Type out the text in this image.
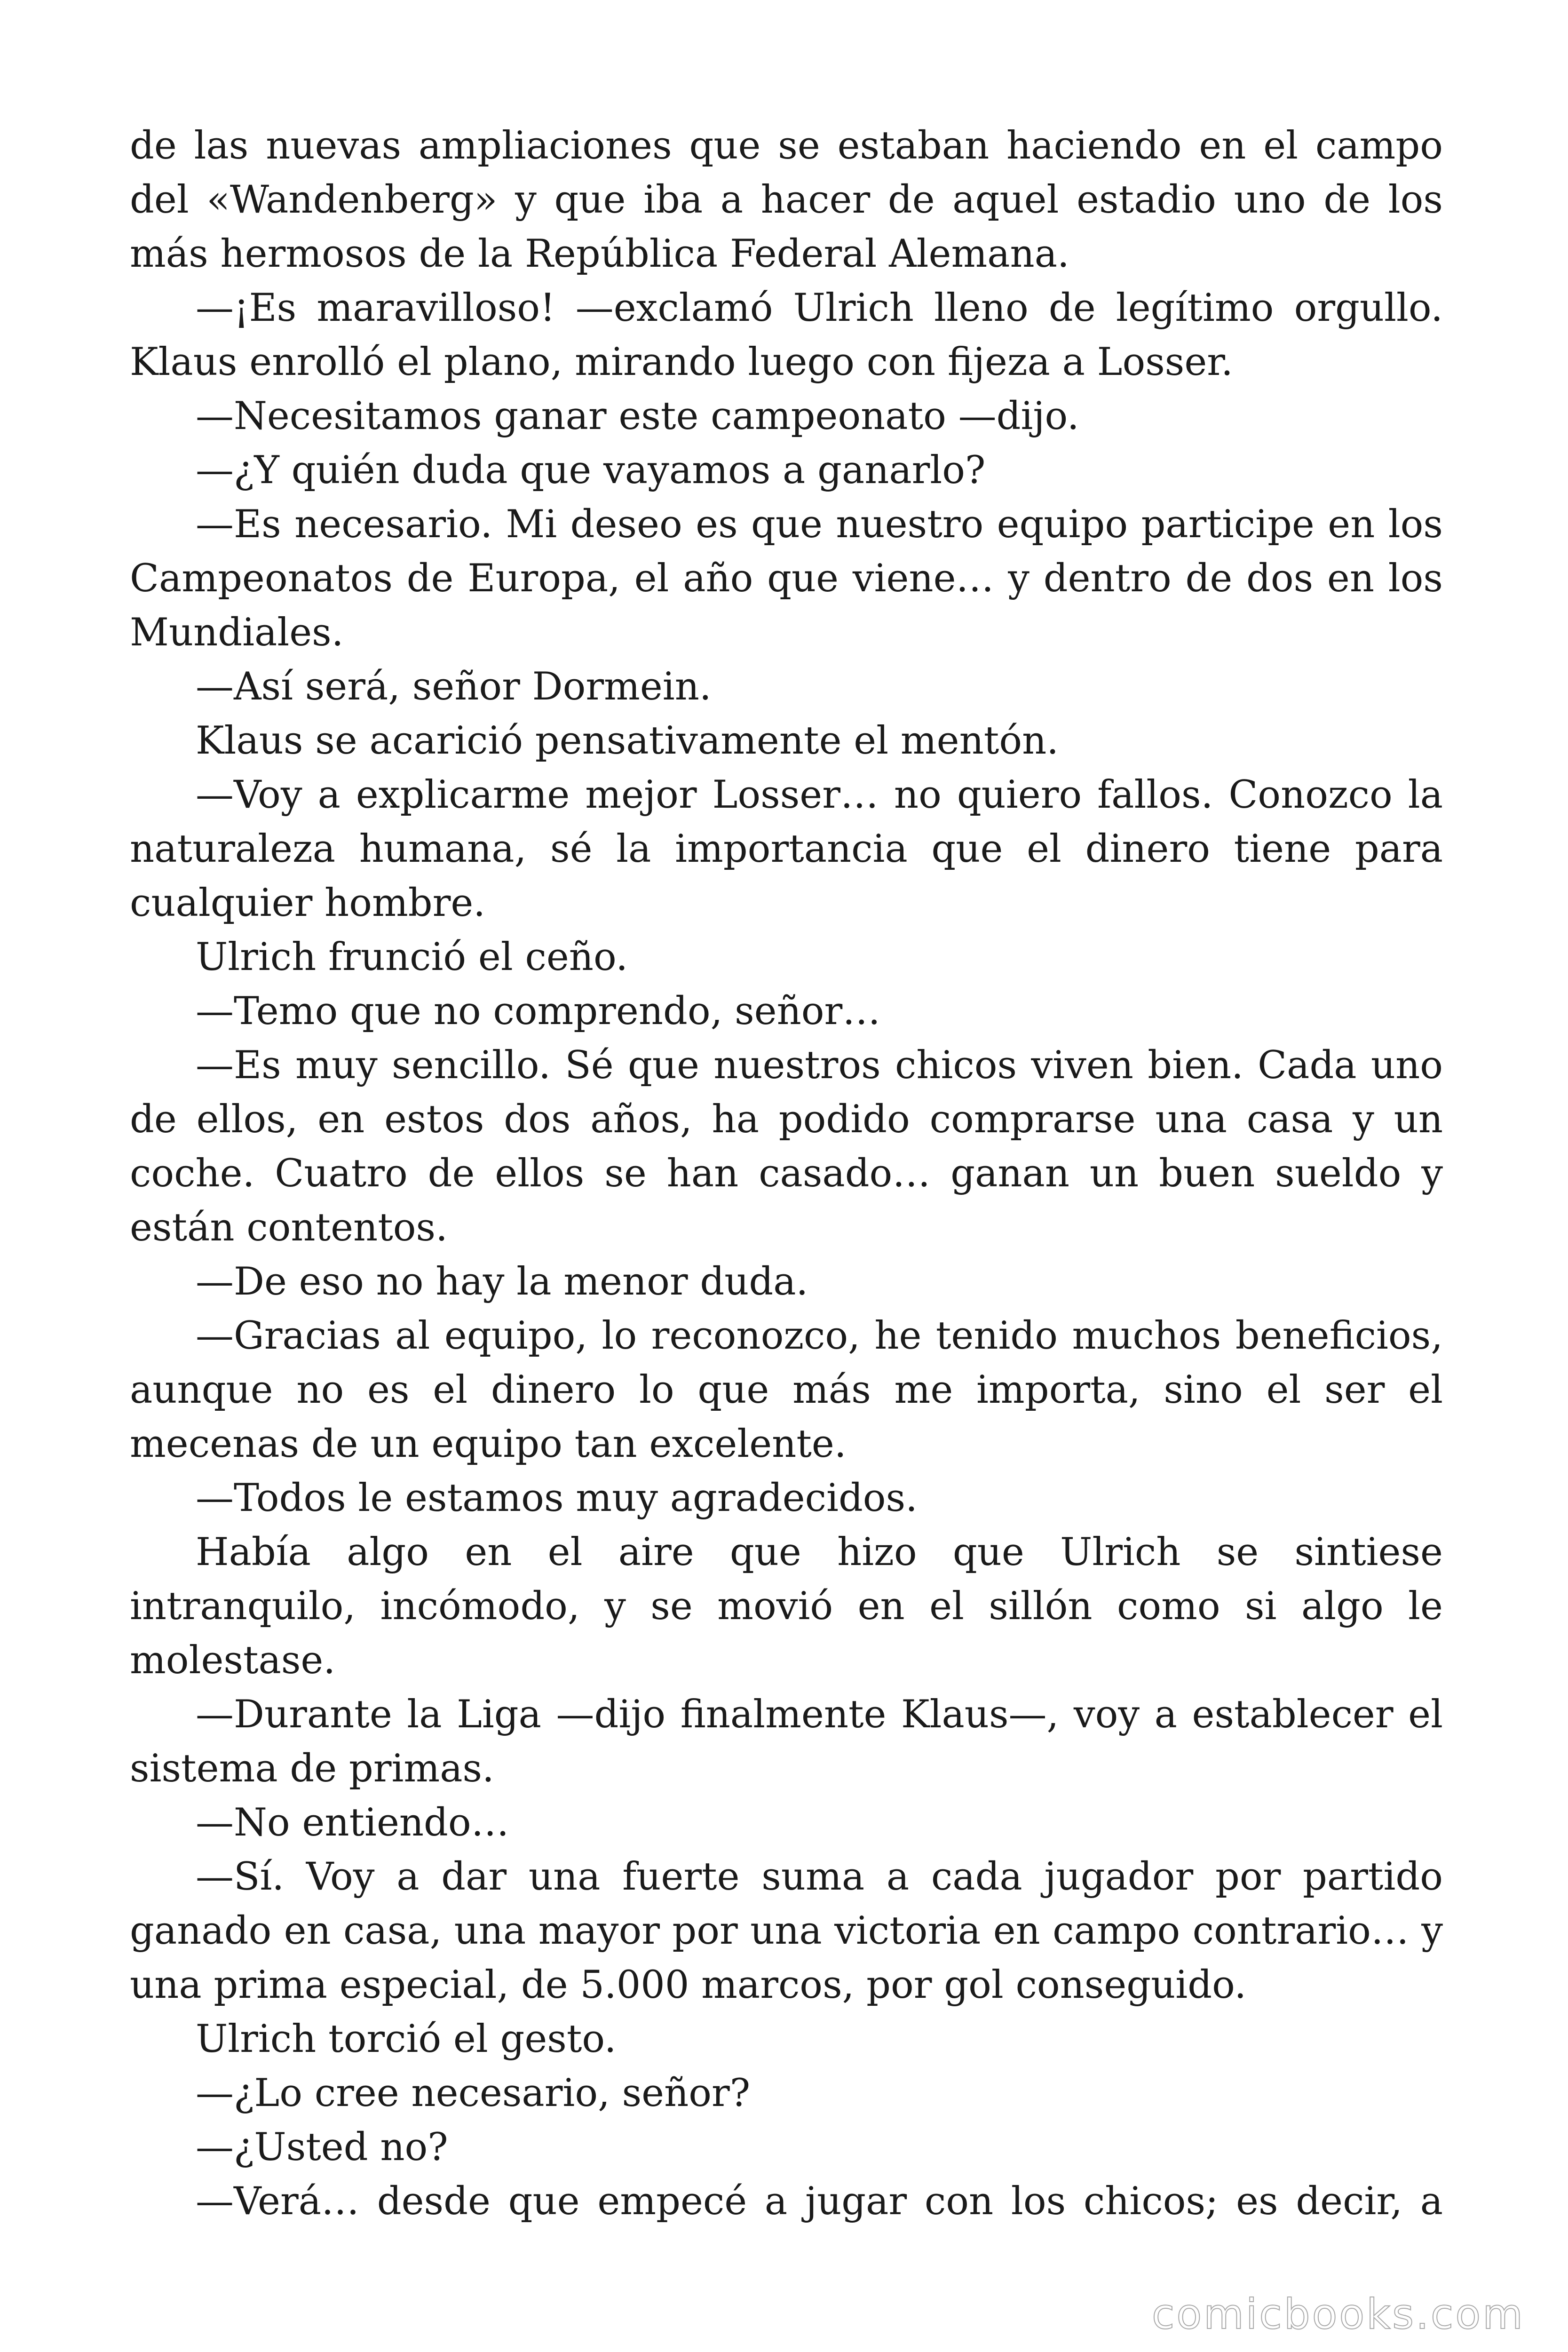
de las nuevas ampliaciones que se estaban haciendo en el campo del «Wandenberg» y que iba a hacer de aquel estadio uno de los más hermosos de la República Federal Alemana.

—¡Es maravilloso! —exclamó Ulrich lleno de legítimo orgullo. Klaus enrolló el plano, mirando luego con fijeza a Losser.

—Necesitamos ganar este campeonato —dijo.

—¿Y quién duda que vayamos a ganarlo?

—Es necesario. Mi deseo es que nuestro equipo participe en los Campeonatos de Europa, el año que viene… y dentro de dos en los Mundiales.

—Así será, señor Dormein.

Klaus se acarició pensativamente el mentón.

—Voy a explicarme mejor Losser… no quiero fallos. Conozco la naturaleza humana, sé la importancia que el dinero tiene para cualquier hombre.

Ulrich frunció el ceño.

—Temo que no comprendo, señor…

—Es muy sencillo. Sé que nuestros chicos viven bien. Cada uno de ellos, en estos dos años, ha podido comprarse una casa y un coche. Cuatro de ellos se han casado… ganan un buen sueldo y están contentos.

—De eso no hay la menor duda.

—Gracias al equipo, lo reconozco, he tenido muchos beneficios, aunque no es el dinero lo que más me importa, sino el ser el mecenas de un equipo tan excelente.

—Todos le estamos muy agradecidos.

Había algo en el aire que hizo que Ulrich se sintiese intranquilo, incómodo, y se movió en el sillón como si algo le molestase.

—Durante la Liga —dijo finalmente Klaus—, voy a establecer el sistema de primas.

—No entiendo…

—Sí. Voy a dar una fuerte suma a cada jugador por partido ganado en casa, una mayor por una victoria en campo contrario… y una prima especial, de 5.000 marcos, por gol conseguido.

Ulrich torció el gesto.

—¿Lo cree necesario, señor?

—¿Usted no?

—Verá… desde que empecé a jugar con los chicos; es decir, a

comicbooks.com
